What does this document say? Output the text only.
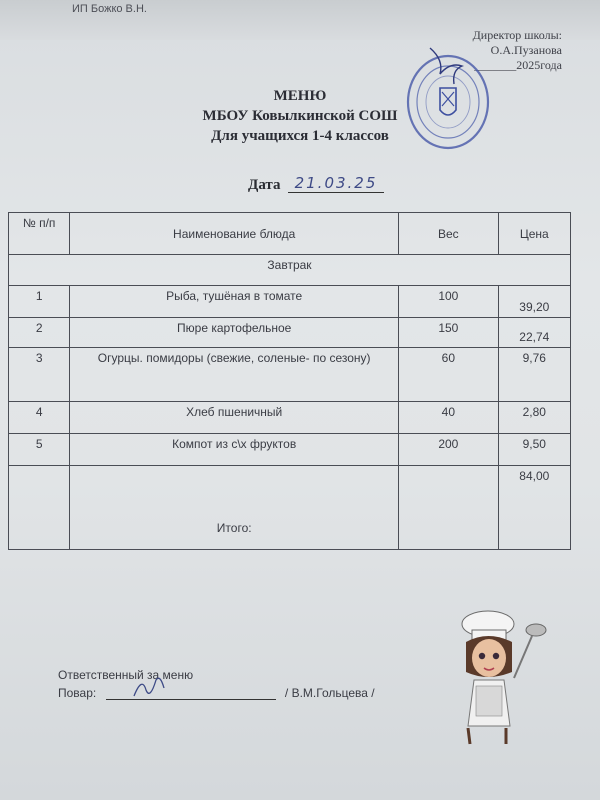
ИП Божко В.Н.
Директор школы:
О.А.Пузанова
_______2025года
МЕНЮ
МБОУ Ковылкинской СОШ
Для учащихся 1-4 классов
Дата 21.03.25
№ п/п	Наименование блюда	Вес	Цена
Завтрак			
1	Рыба, тушёная в томате	100	39,20
2	Пюре картофельное	150	22,74
3	Огурцы. помидоры (свежие, соленые- по сезону)	60	9,76
4	Хлеб пшеничный	40	2,80
5	Компот из с\х фруктов	200	9,50
	Итого:		84,00
Ответственный за меню
Повар:	/ В.М.Гольцева /
